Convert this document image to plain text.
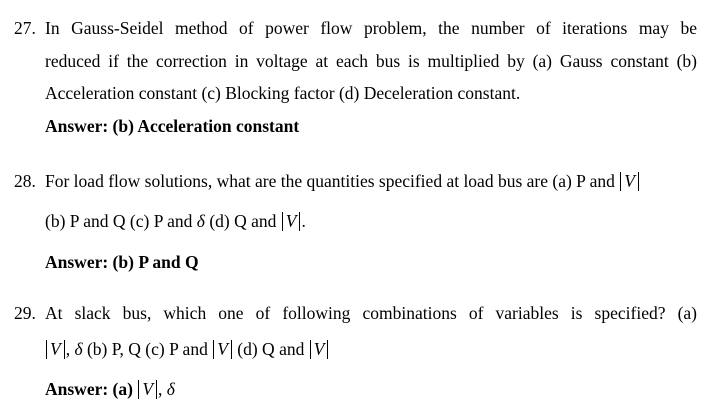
27. In Gauss-Seidel method of power flow problem, the number of iterations may be
reduced if the correction in voltage at each bus is multiplied by (a) Gauss constant (b)
Acceleration constant (c) Blocking factor (d) Deceleration constant.
Answer: (b) Acceleration constant
28. For load flow solutions, what are the quantities specified at load bus are (a) P and V
(b) P and Q (c) P and δ (d) Q and V .
Answer: (b) P and Q
29. At slack bus, which one of following combinations of variables is specified? (a)
V , δ (b) P, Q (c) P and V (d) Q and V
Answer: (a) V , δ
